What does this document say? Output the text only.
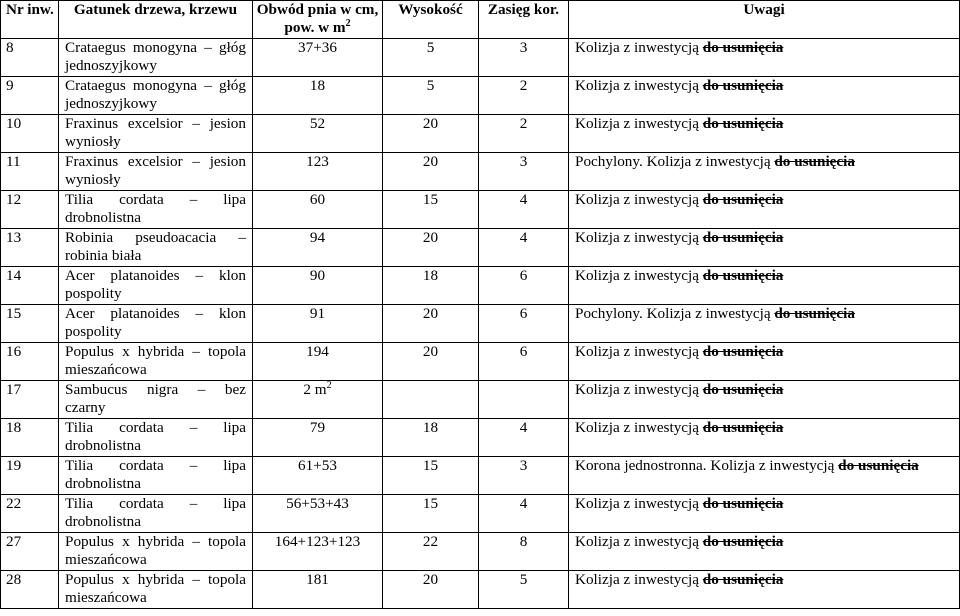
Nr inw.	Gatunek drzewa, krzewu	Obwód pnia w cm, pow. w $m^2$	Wysokość	Zasięg kor.	Uwagi
8	Crataegus monogyna – głóg
jednoszyjkowy	37+36	5	3	Kolizja z inwestycją do usunięcia
9	Crataegus monogyna – głóg
jednoszyjkowy	18	5	2	Kolizja z inwestycją do usunięcia
10	Fraxinus excelsior – jesion
wyniosły	52	20	2	Kolizja z inwestycją do usunięcia
11	Fraxinus excelsior – jesion
wyniosły	123	20	3	Pochylony. Kolizja z inwestycją do usunięcia
12	Tilia cordata – lipa
drobnolistna	60	15	4	Kolizja z inwestycją do usunięcia
13	Robinia pseudoacacia –
robinia biała	94	20	4	Kolizja z inwestycją do usunięcia
14	Acer platanoides – klon
pospolity	90	18	6	Kolizja z inwestycją do usunięcia
15	Acer platanoides – klon
pospolity	91	20	6	Pochylony. Kolizja z inwestycją do usunięcia
16	Populus x hybrida – topola
mieszańcowa	194	20	6	Kolizja z inwestycją do usunięcia
17	Sambucus nigra – bez
czarny	2 $m^2$			Kolizja z inwestycją do usunięcia
18	Tilia cordata – lipa
drobnolistna	79	18	4	Kolizja z inwestycją do usunięcia
19	Tilia cordata – lipa
drobnolistna	61+53	15	3	Korona jednostronna. Kolizja z inwestycją do usunięcia
22	Tilia cordata – lipa
drobnolistna	56+53+43	15	4	Kolizja z inwestycją do usunięcia
27	Populus x hybrida – topola
mieszańcowa	164+123+123	22	8	Kolizja z inwestycją do usunięcia
28	Populus x hybrida – topola
mieszańcowa	181	20	5	Kolizja z inwestycją do usunięcia
